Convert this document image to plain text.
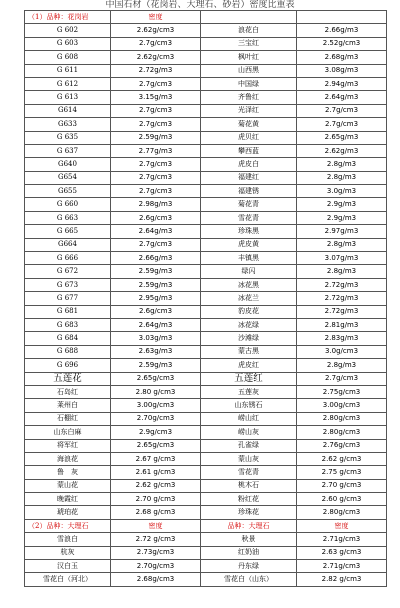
中国石材（花岗岩、大理石、砂岩）密度比重表
（1）品种：花岗岩	密度		
G 602	2.62g/cm3	浪花白	2.66g/m3
G 603	2.7g/cm3	三宝红	2.52g/cm3
G 608	2.62g/cm3	枫叶红	2.68g/m3
G 611	2.72g/m3	山西黑	3.08g/m3
G 612	2.7g/cm3	中国绿	2.94g/m3
G 613	3.15g/m3	齐鲁红	2.64g/m3
G614	2.7g/cm3	光泽红	2.7g/cm3
G633	2.7g/cm3	菊花黄	2.7g/cm3
G 635	2.59g/m3	虎贝红	2.65g/m3
G 637	2.77g/m3	攀西蓝	2.62g/m3
G640	2.7g/cm3	虎皮白	2.8g/m3
G654	2.7g/cm3	福建红	2.8g/m3
G655	2.7g/cm3	福建锈	3.0g/m3
G 660	2.98g/m3	菊花青	2.9g/m3
G 663	2.6g/cm3	雪花青	2.9g/m3
G 665	2.64g/m3	珍珠黑	2.97g/m3
G664	2.7g/cm3	虎皮黄	2.8g/m3
G 666	2.66g/m3	丰镇黑	3.07g/m3
G 672	2.59g/m3	绿闪	2.8g/m3
G 673	2.59g/m3	冰花黑	2.72g/m3
G 677	2.95g/m3	冰花兰	2.72g/m3
G 681	2.6g/cm3	豹皮花	2.72g/m3
G 683	2.64g/m3	冰花绿	2.81g/m3
G 684	3.03g/m3	沙滩绿	2.83g/m3
G 688	2.63g/m3	蒙古黑	3.0g/cm3
G 696	2.59g/m3	虎皮红	2.8g/m3
五莲花	2.65g/cm3	五莲红	2.7g/cm3
石岛红	2.80 g/cm3	五莲灰	2.75g/cm3
莱州白	3.00g/cm3	山东锈石	3.00g/cm3
石棚红	2.70g/cm3	崂山红	2.80g/cm3
山东白麻	2.9g/cm3	崂山灰	2.80g/cm3
将军红	2.65g/cm3	孔雀绿	2.76g/cm3
海浪花	2.67 g/cm3	蒙山灰	2.62 g/cm3
鲁　灰	2.61 g/cm3	雪花青	2.75 g/cm3
蒙山花	2.62 g/cm3	桃木石	2.70 g/cm3
晚霞红	2.70 g/cm3	粉红花	2.60 g/cm3
琥珀花	2.68 g/cm3	珍珠花	2.80g/cm3
（2）品种：大理石	密度	品种：大理石	密度
雪浪白	2.72 g/cm3	秋景	2.71g/cm3
杭灰	2.73g/cm3	红奶油	2.63 g/cm3
汉白玉	2.70g/cm3	丹东绿	2.71g/cm3
雪花白（河北）	2.68g/cm3	雪花白（山东）	2.82 g/cm3
